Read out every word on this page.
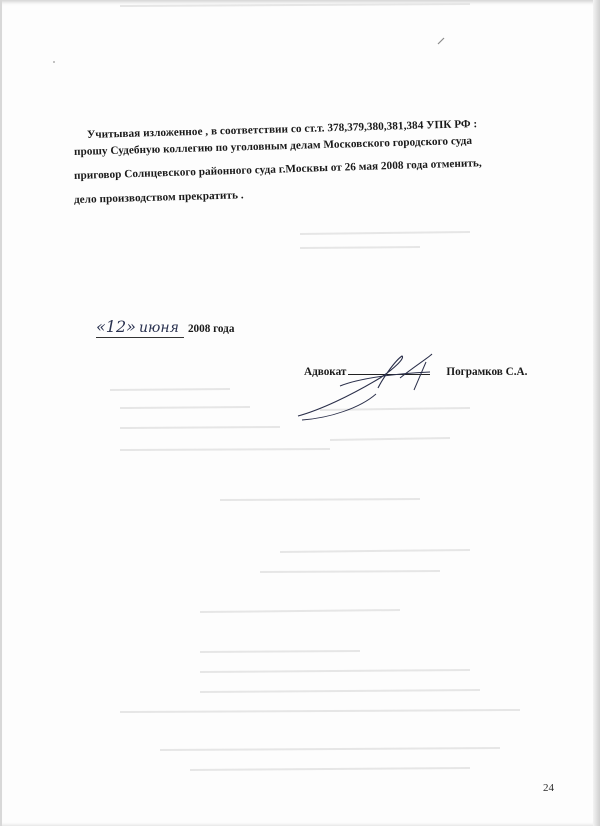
Учитывая изложенное , в соответствии со ст.т. 378,379,380,381,384 УПК РФ :
прошу Судебную коллегию по уголовным делам Московского городского суда
приговор Солнцевского районного суда г.Москвы от 26 мая 2008 года отменить,
дело производством прекратить .
«12» июня 2008 года
Адвокат	Пограмков С.А.
24
